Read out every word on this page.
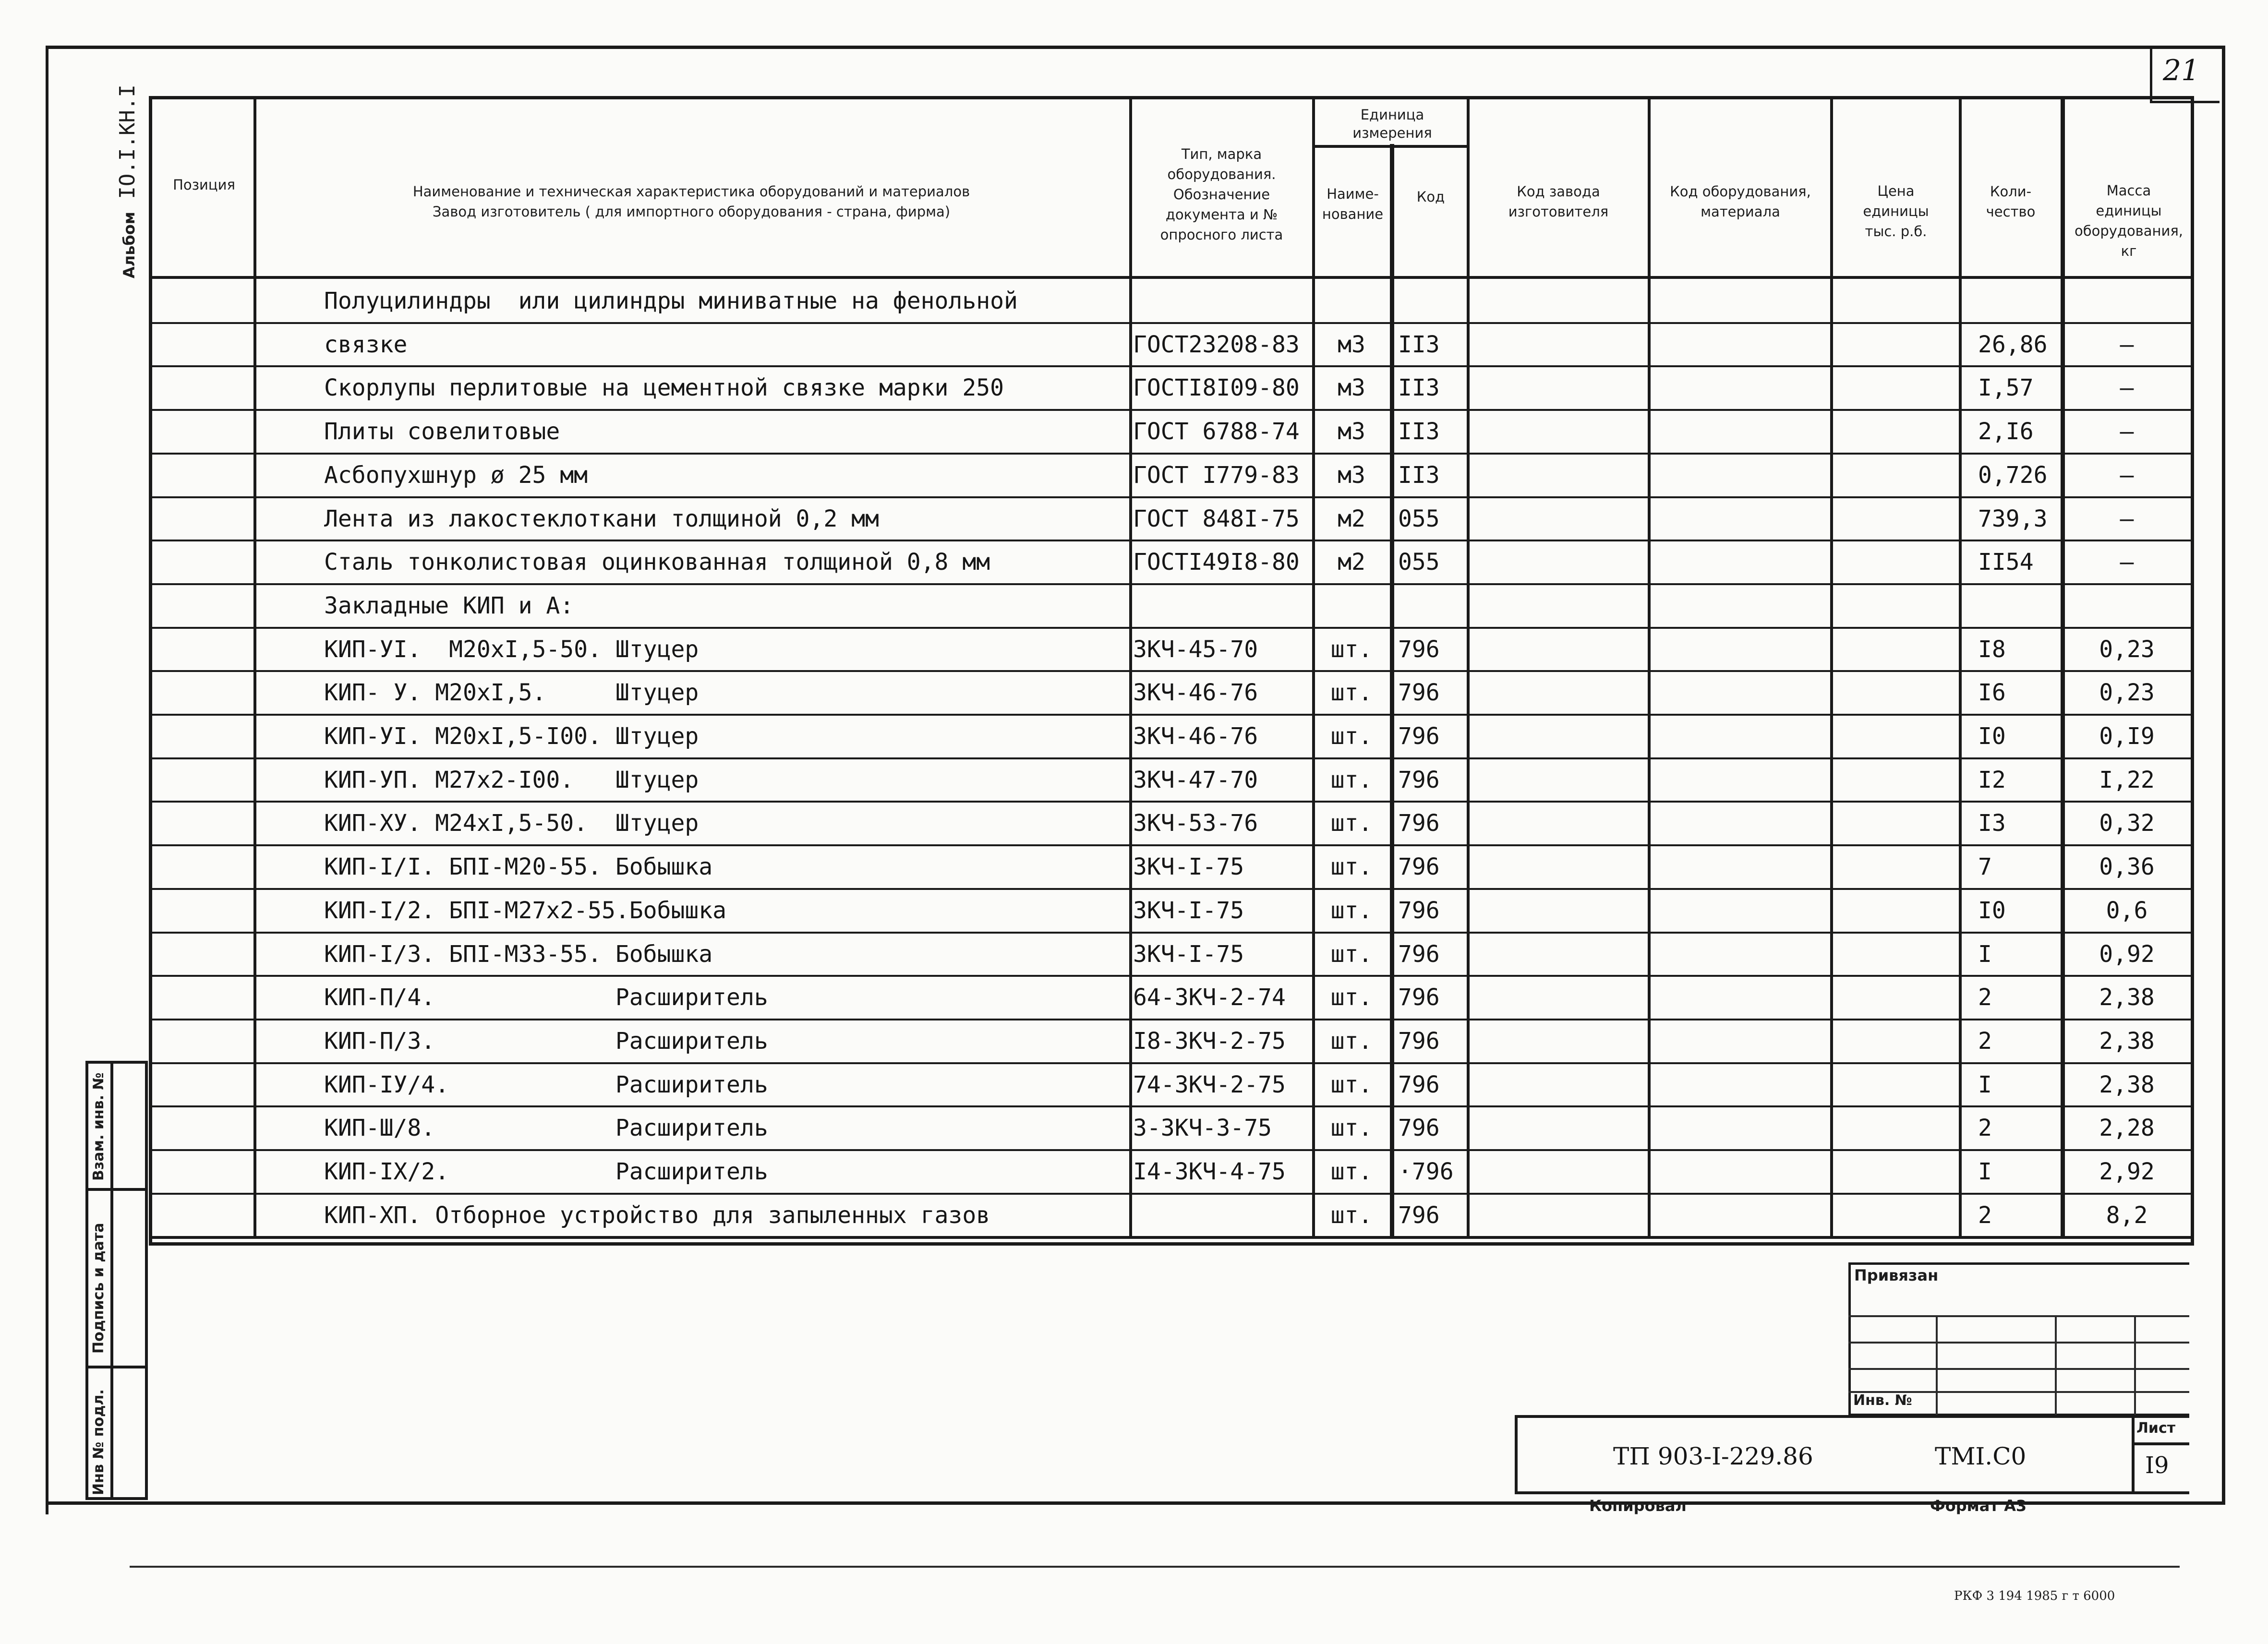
21
Альбом IO.I.КН.I	Позиция	Наименование и техническая характеристика оборудований и материалов
Завод изготовитель ( для импортного оборудования - страна, фирма)
Тип, марка
оборудования.
Обозначение
документа и №
опросного листа
Единица
измерения
Наиме-
нование
Код	Код завода
изготовителя
Код оборудования,
материала
Цена
единицы
тыс. р.б.
Коли-
чество
Масса
единицы
оборудования,
кг
Полуцилиндры  или цилиндры миниватные на фенольной
связке	ГОСТ23208-83	м3	II3	26,86	–
Скорлупы перлитовые на цементной связке марки 250	ГОСТI8I09-80	м3	II3	I,57	–
Плиты совелитовые	ГОСТ 6788-74	м3	II3	2,I6	–
Асбопухшнур ø 25 мм	ГОСТ I779-83	м3	II3	0,726	–
Лента из лакостеклоткани толщиной 0,2 мм	ГОСТ 848I-75	м2	055	739,3	–
Сталь тонколистовая оцинкованная толщиной 0,8 мм	ГОСТI49I8-80	м2	055	II54	–
Закладные КИП и А:
КИП-УI.  М20хI,5-50. Штуцер	ЗКЧ-45-70	шт.	796	I8	0,23
КИП- У. М20хI,5.     Штуцер	ЗКЧ-46-76	шт.	796	I6	0,23
КИП-УI. М20хI,5-I00. Штуцер	ЗКЧ-46-76	шт.	796	I0	0,I9
КИП-УП. М27х2-I00.   Штуцер	ЗКЧ-47-70	шт.	796	I2	I,22
КИП-ХУ. М24хI,5-50.  Штуцер	ЗКЧ-53-76	шт.	796	I3	0,32
КИП-I/I. БПI-М20-55. Бобышка	ЗКЧ-I-75	шт.	796	7	0,36
КИП-I/2. БПI-М27х2-55.Бобышка	ЗКЧ-I-75	шт.	796	I0	0,6
КИП-I/3. БПI-М33-55. Бобышка	ЗКЧ-I-75	шт.	796	I	0,92
КИП-П/4.             Расширитель	64-ЗКЧ-2-74	шт.	796	2	2,38
КИП-П/3.             Расширитель	I8-ЗКЧ-2-75	шт.	796	2	2,38
КИП-IУ/4.            Расширитель	74-ЗКЧ-2-75	шт.	796	I	2,38
КИП-Ш/8.             Расширитель	3-ЗКЧ-3-75	шт.	796	2	2,28
КИП-IХ/2.            Расширитель	I4-ЗКЧ-4-75	шт.	·796	I	2,92
КИП-ХП. Отборное устройство для запыленных газов	шт.	796	2	8,2
Взам. инв. №
Подпись и дата
Инв № подл.
Привязан
Инв. №
ТП 903-I-229.86	ТМI.С0
Лист
I9
Копировал	Формат А3
РКФ 3 194 1985 г т 6000
